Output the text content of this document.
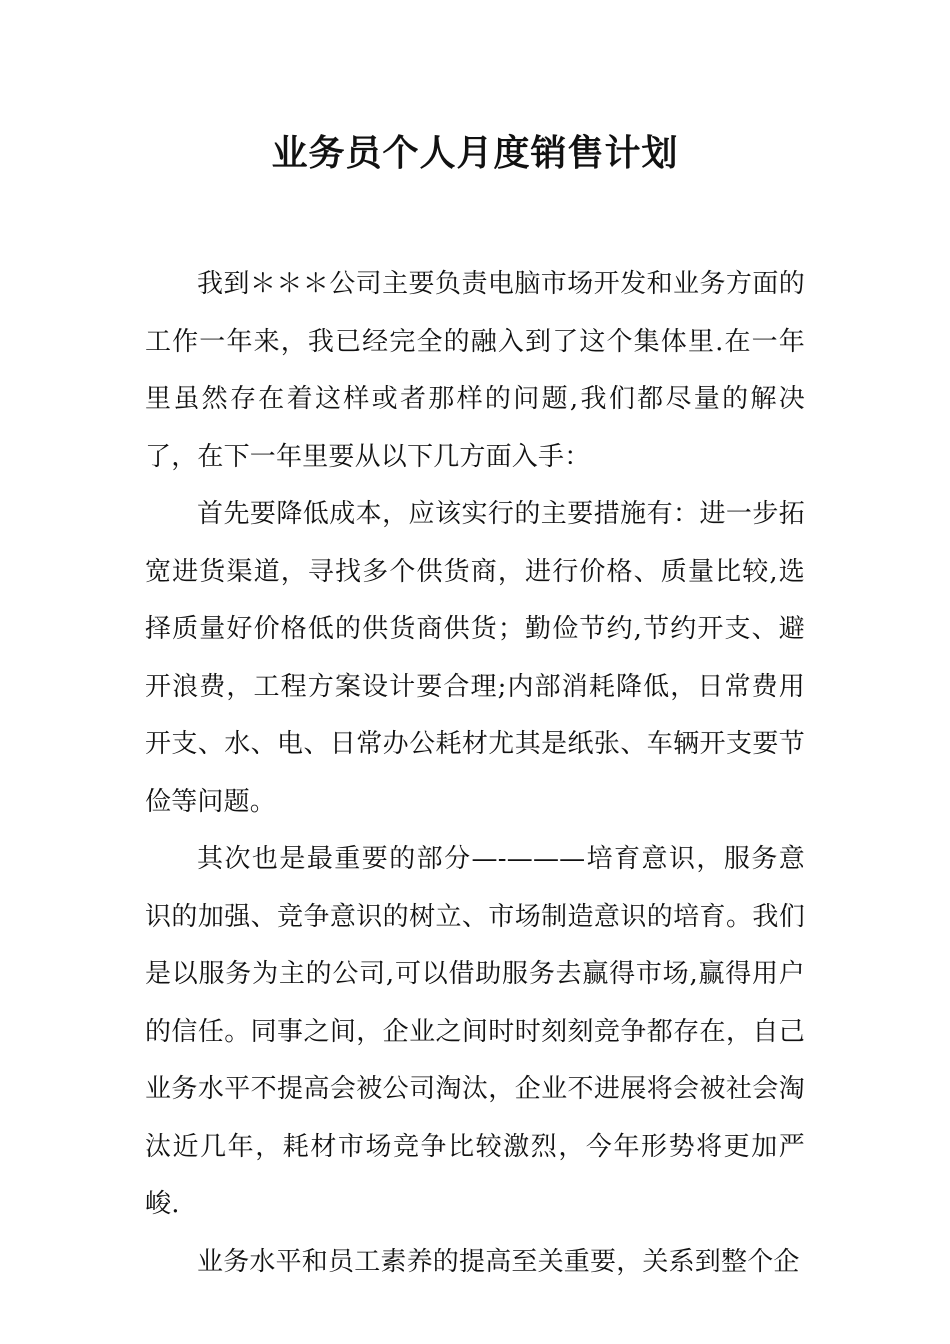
业务员个人月度销售计划

我到＊＊＊公司主要负责电脑市场开发和业务方面的工作一年来，我已经完全的融入到了这个集体里.在一年里虽然存在着这样或者那样的问题,我们都尽量的解决了，在下一年里要从以下几方面入手：

首先要降低成本，应该实行的主要措施有：进一步拓宽进货渠道，寻找多个供货商，进行价格、质量比较,选择质量好价格低的供货商供货；勤俭节约,节约开支、避开浪费，工程方案设计要合理;内部消耗降低，日常费用开支、水、电、日常办公耗材尤其是纸张、车辆开支要节俭等问题。

其次也是最重要的部分—-———培育意识，服务意识的加强、竞争意识的树立、市场制造意识的培育。我们是以服务为主的公司,可以借助服务去赢得市场,赢得用户的信任。同事之间，企业之间时时刻刻竞争都存在，自己业务水平不提高会被公司淘汰，企业不进展将会被社会淘汰近几年，耗材市场竞争比较激烈，今年形势将更加严峻.

业务水平和员工素养的提高至关重要，关系到整个企
